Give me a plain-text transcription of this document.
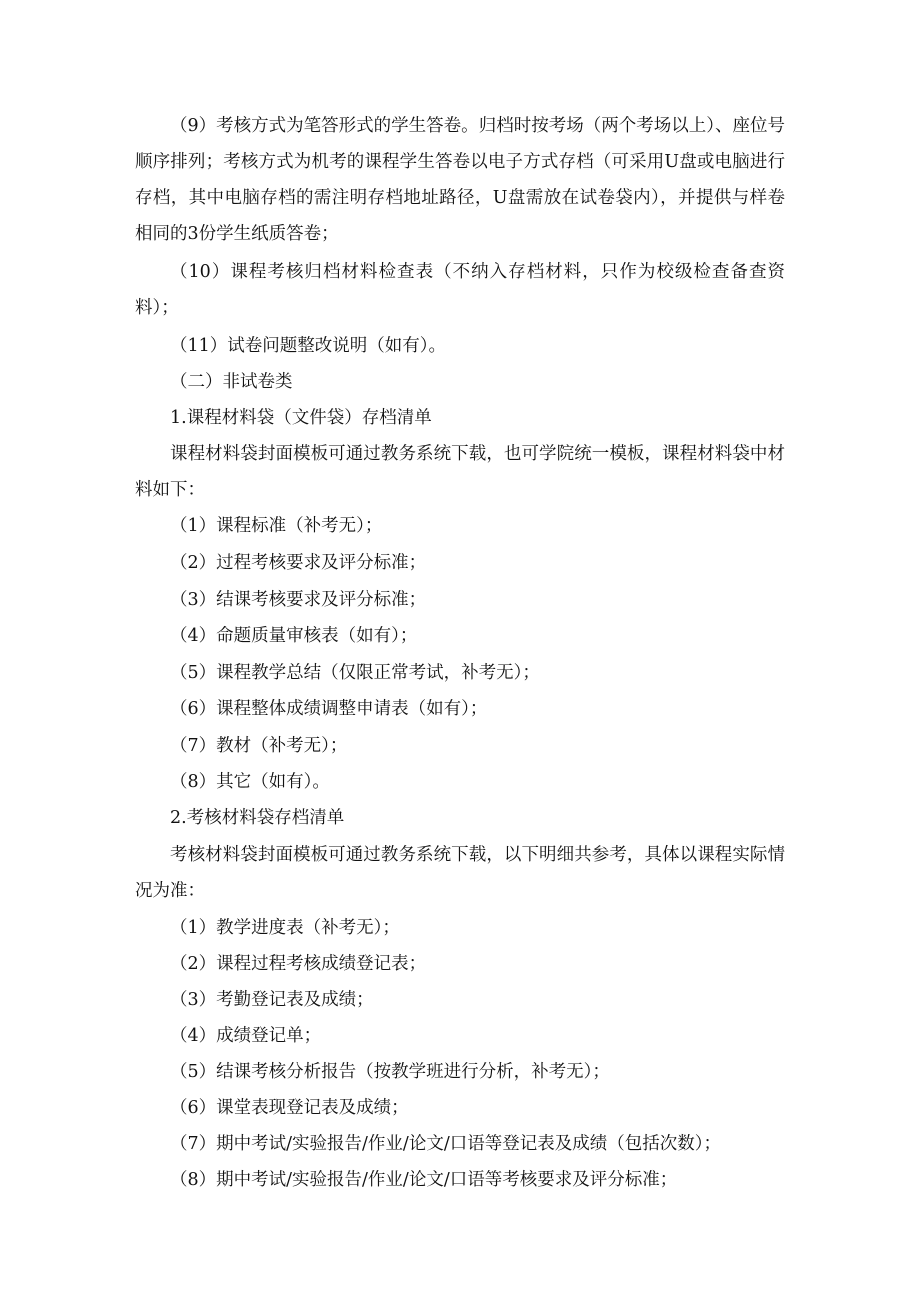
（9）考核方式为笔答形式的学生答卷。归档时按考场（两个考场以上）、座位号顺序排列；考核方式为机考的课程学生答卷以电子方式存档（可采用U盘或电脑进行存档，其中电脑存档的需注明存档地址路径，U盘需放在试卷袋内），并提供与样卷相同的3份学生纸质答卷；
（10）课程考核归档材料检查表（不纳入存档材料，只作为校级检查备查资料）；
（11）试卷问题整改说明（如有）。
（二）非试卷类
1.课程材料袋（文件袋）存档清单
课程材料袋封面模板可通过教务系统下载，也可学院统一模板，课程材料袋中材料如下：
（1）课程标准（补考无）；
（2）过程考核要求及评分标准；
（3）结课考核要求及评分标准；
（4）命题质量审核表（如有）；
（5）课程教学总结（仅限正常考试，补考无）；
（6）课程整体成绩调整申请表（如有）；
（7）教材（补考无）；
（8）其它（如有）。
2.考核材料袋存档清单
考核材料袋封面模板可通过教务系统下载，以下明细共参考，具体以课程实际情况为准：
（1）教学进度表（补考无）；
（2）课程过程考核成绩登记表；
（3）考勤登记表及成绩；
（4）成绩登记单；
（5）结课考核分析报告（按教学班进行分析，补考无）；
（6）课堂表现登记表及成绩；
（7）期中考试/实验报告/作业/论文/口语等登记表及成绩（包括次数）；
（8）期中考试/实验报告/作业/论文/口语等考核要求及评分标准；
